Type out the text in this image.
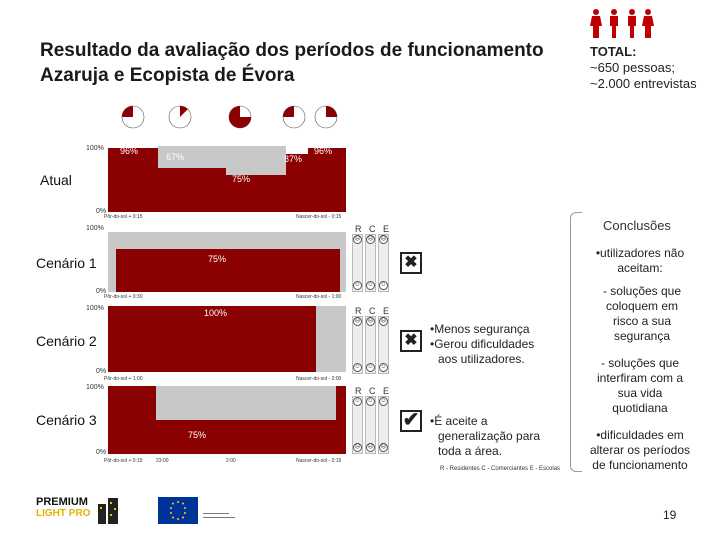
Resultado da avaliação dos períodos de funcionamento
Azaruja e Ecopista de Évora
TOTAL:
~650 pessoas;
~2.000 entrevistas
Atual
100%
0%
96%
67%	87%
96%
75%
Pôr-do-sol + 0:15	Nascer-do-sol - 0:15
Cenário 1
100%
0%
75%
Pôr-do-sol + 0:30	Nascer-do-sol - 1:00
R C E
☹ ☹ ☹
☺ ☺ ☺
✖
Cenário 2
100%
0%
100%
Pôr-do-sol + 1:00	Nascer-do-sol - 2:00
R C E
☹ ☹ ☹
☺ ☺ ☺
✖
•Menos segurança
•Gerou dificuldades
aos utilizadores.
Cenário 3
100%
0%
75%
Pôr-do-sol + 0:15	23:00	2:00	Nascer-do-sol - 0:15
R C E
☺ ☺ ☺
☹ ☹ ☹
✔ •É aceite a
generalização para
toda a área.
R - Residentes C - Comerciantes E - Escolas
Conclusões
•utilizadores não
aceitam:
- soluções que
coloquem em
risco a sua
segurança
- soluções que
interfiram com a
sua vida
quotidiana
•dificuldades em
alterar os períodos
de funcionamento
PREMIUM
LIGHT PRO	19
